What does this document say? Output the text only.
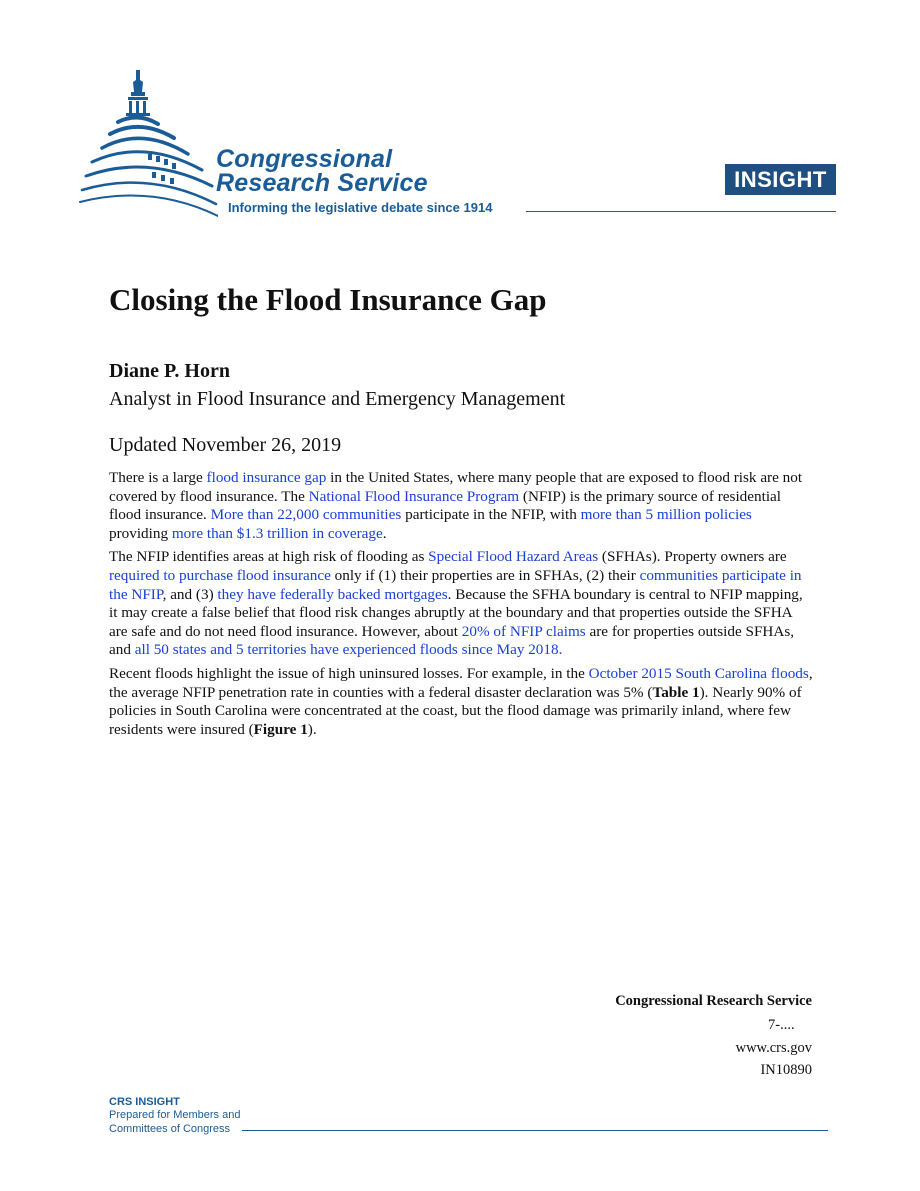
Congressional
Research Service
Informing the legislative debate since 1914
INSIGHT
Closing the Flood Insurance Gap
Diane P. Horn
Analyst in Flood Insurance and Emergency Management
Updated November 26, 2019

There is a large flood insurance gap in the United States, where many people that are exposed to flood risk are not covered by flood insurance. The National Flood Insurance Program (NFIP) is the primary source of residential flood insurance. More than 22,000 communities participate in the NFIP, with more than 5 million policies providing more than $1.3 trillion in coverage.

The NFIP identifies areas at high risk of flooding as Special Flood Hazard Areas (SFHAs). Property owners are required to purchase flood insurance only if (1) their properties are in SFHAs, (2) their communities participate in the NFIP, and (3) they have federally backed mortgages. Because the SFHA boundary is central to NFIP mapping, it may create a false belief that flood risk changes abruptly at the boundary and that properties outside the SFHA are safe and do not need flood insurance. However, about 20% of NFIP claims are for properties outside SFHAs, and all 50 states and 5 territories have experienced floods since May 2018.

Recent floods highlight the issue of high uninsured losses. For example, in the October 2015 South Carolina floods, the average NFIP penetration rate in counties with a federal disaster declaration was 5% (Table 1). Nearly 90% of policies in South Carolina were concentrated at the coast, but the flood damage was primarily inland, where few residents were insured (Figure 1).

Congressional Research Service
7-....
www.crs.gov
IN10890
CRS INSIGHT
Prepared for Members and
Committees of Congress
